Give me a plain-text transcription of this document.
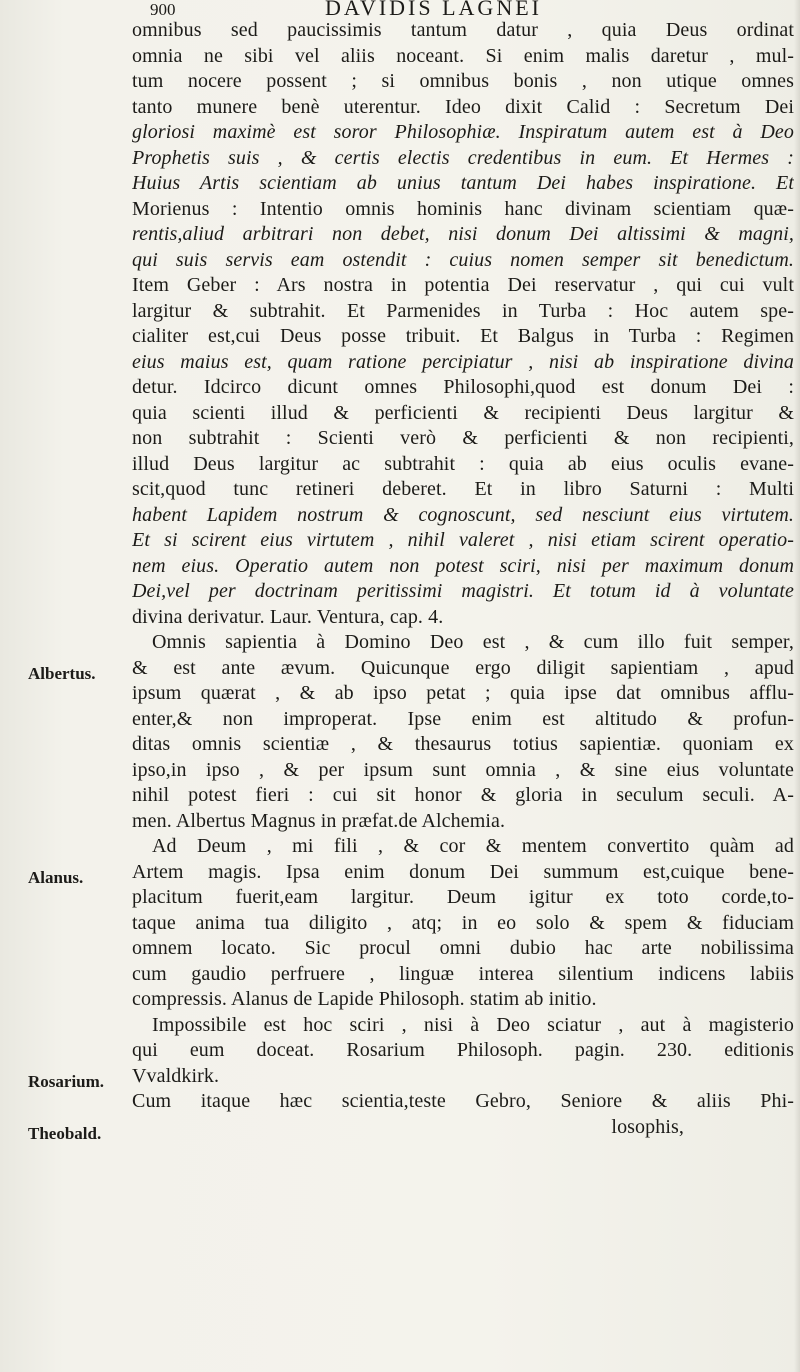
900	DAVIDIS LAGNEI
Albertus.
Alanus.
Rosarium.
Theobald.
omnibus sed paucissimis tantum datur , quia Deus ordinat
omnia ne sibi vel aliis noceant. Si enim malis daretur , mul-
tum nocere possent ; si omnibus bonis , non utique omnes
tanto munere benè uterentur. Ideo dixit Calid : Secretum Dei
gloriosi maximè est soror Philosophiæ. Inspiratum autem est à Deo
Prophetis suis , & certis electis credentibus in eum. Et Hermes :
Huius Artis scientiam ab unius tantum Dei habes inspiratione. Et
Morienus : Intentio omnis hominis hanc divinam scientiam quæ-
rentis,aliud arbitrari non debet, nisi donum Dei altissimi & magni,
qui suis servis eam ostendit : cuius nomen semper sit benedictum.
Item Geber : Ars nostra in potentia Dei reservatur , qui cui vult
largitur & subtrahit. Et Parmenides in Turba : Hoc autem spe-
cialiter est,cui Deus posse tribuit. Et Balgus in Turba : Regimen
eius maius est, quam ratione percipiatur , nisi ab inspiratione divina
detur. Idcirco dicunt omnes Philosophi,quod est donum Dei :
quia scienti illud & perficienti & recipienti Deus largitur &
non subtrahit : Scienti verò & perficienti & non recipienti,
illud Deus largitur ac subtrahit : quia ab eius oculis evane-
scit,quod tunc retineri deberet. Et in libro Saturni : Multi
habent Lapidem nostrum & cognoscunt, sed nesciunt eius virtutem.
Et si scirent eius virtutem , nihil valeret , nisi etiam scirent operatio-
nem eius. Operatio autem non potest sciri, nisi per maximum donum
Dei,vel per doctrinam peritissimi magistri. Et totum id à voluntate
divina derivatur. Laur. Ventura, cap. 4.
Omnis sapientia à Domino Deo est , & cum illo fuit semper,
& est ante ævum. Quicunque ergo diligit sapientiam , apud
ipsum quærat , & ab ipso petat ; quia ipse dat omnibus afflu-
enter,& non improperat. Ipse enim est altitudo & profun-
ditas omnis scientiæ , & thesaurus totius sapientiæ. quoniam ex
ipso,in ipso , & per ipsum sunt omnia , & sine eius voluntate
nihil potest fieri : cui sit honor & gloria in seculum seculi. A-
men. Albertus Magnus in præfat.de Alchemia.
Ad Deum , mi fili , & cor & mentem convertito quàm ad
Artem magis. Ipsa enim donum Dei summum est,cuique bene-
placitum fuerit,eam largitur. Deum igitur ex toto corde,to-
taque anima tua diligito , atq; in eo solo & spem & fiduciam
omnem locato. Sic procul omni dubio hac arte nobilissima
cum gaudio perfruere , linguæ interea silentium indicens labiis
compressis. Alanus de Lapide Philosoph. statim ab initio.
Impossibile est hoc sciri , nisi à Deo sciatur , aut à magisterio
qui eum doceat. Rosarium Philosoph. pagin. 230. editionis
Vvaldkirk.
Cum itaque hæc scientia,teste Gebro, Seniore & aliis Phi-
losophis,
